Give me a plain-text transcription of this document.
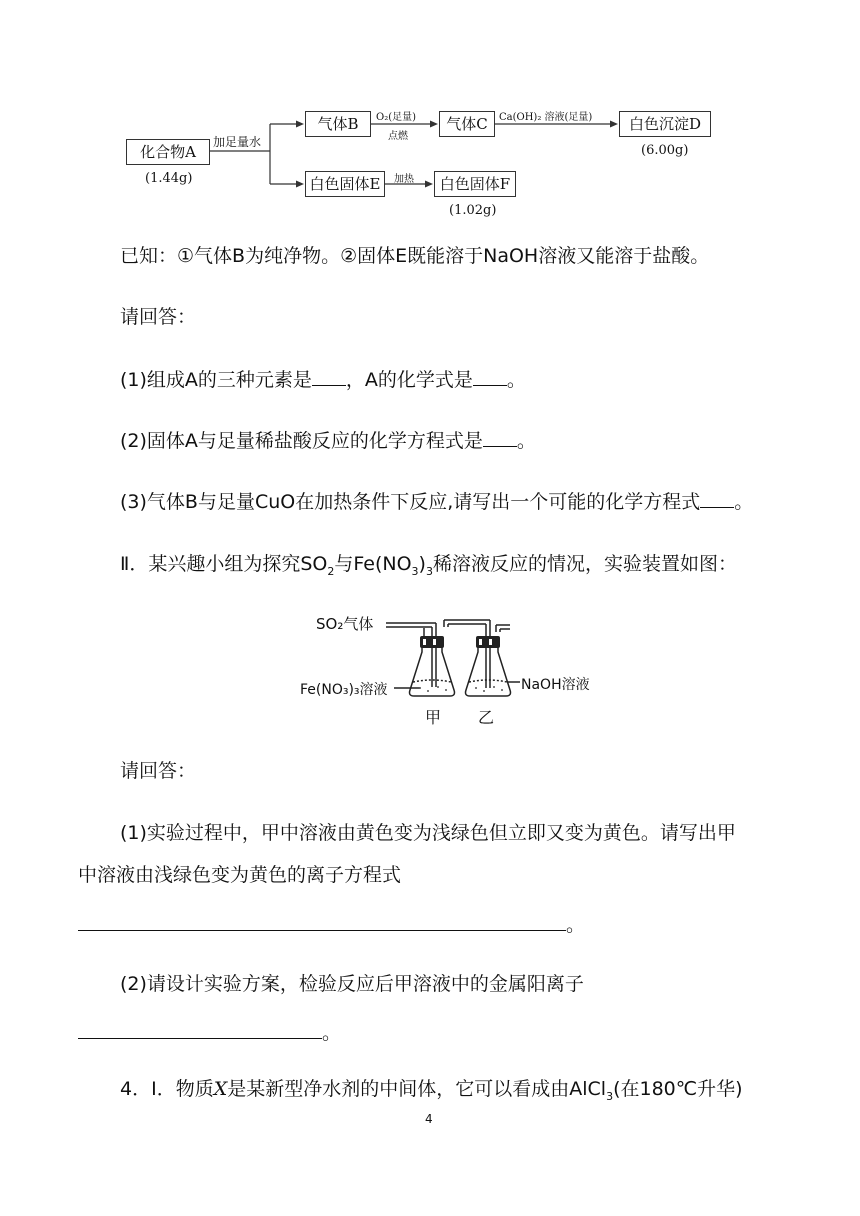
化合物A
(1.44g)
加足量水
气体B	O₂(足量)
点燃
气体C	Ca(OH)₂ 溶液(足量)	白色沉淀D
(6.00g)
白色固体E	加热	白色固体F
(1.02g)
已知：①气体B为纯净物。②固体E既能溶于NaOH溶液又能溶于盐酸。
请回答：
(1)组成A的三种元素是 ，A的化学式是 。
(2)固体A与足量稀盐酸反应的化学方程式是 。
(3)气体B与足量CuO在加热条件下反应,请写出一个可能的化学方程式 。
Ⅱ．某兴趣小组为探究$SO_2$与$Fe(NO_3)_3$稀溶液反应的情况，实验装置如图：
SO₂气体
Fe(NO₃)₃溶液	NaOH溶液
甲 乙
请回答：
(1)实验过程中，甲中溶液由黄色变为浅绿色但立即又变为黄色。请写出甲
中溶液由浅绿色变为黄色的离子方程式
。
(2)请设计实验方案，检验反应后甲溶液中的金属阳离子
。
4．I．物质X是某新型净水剂的中间体，它可以看成由AlCl$_3$(在180℃升华)
4
